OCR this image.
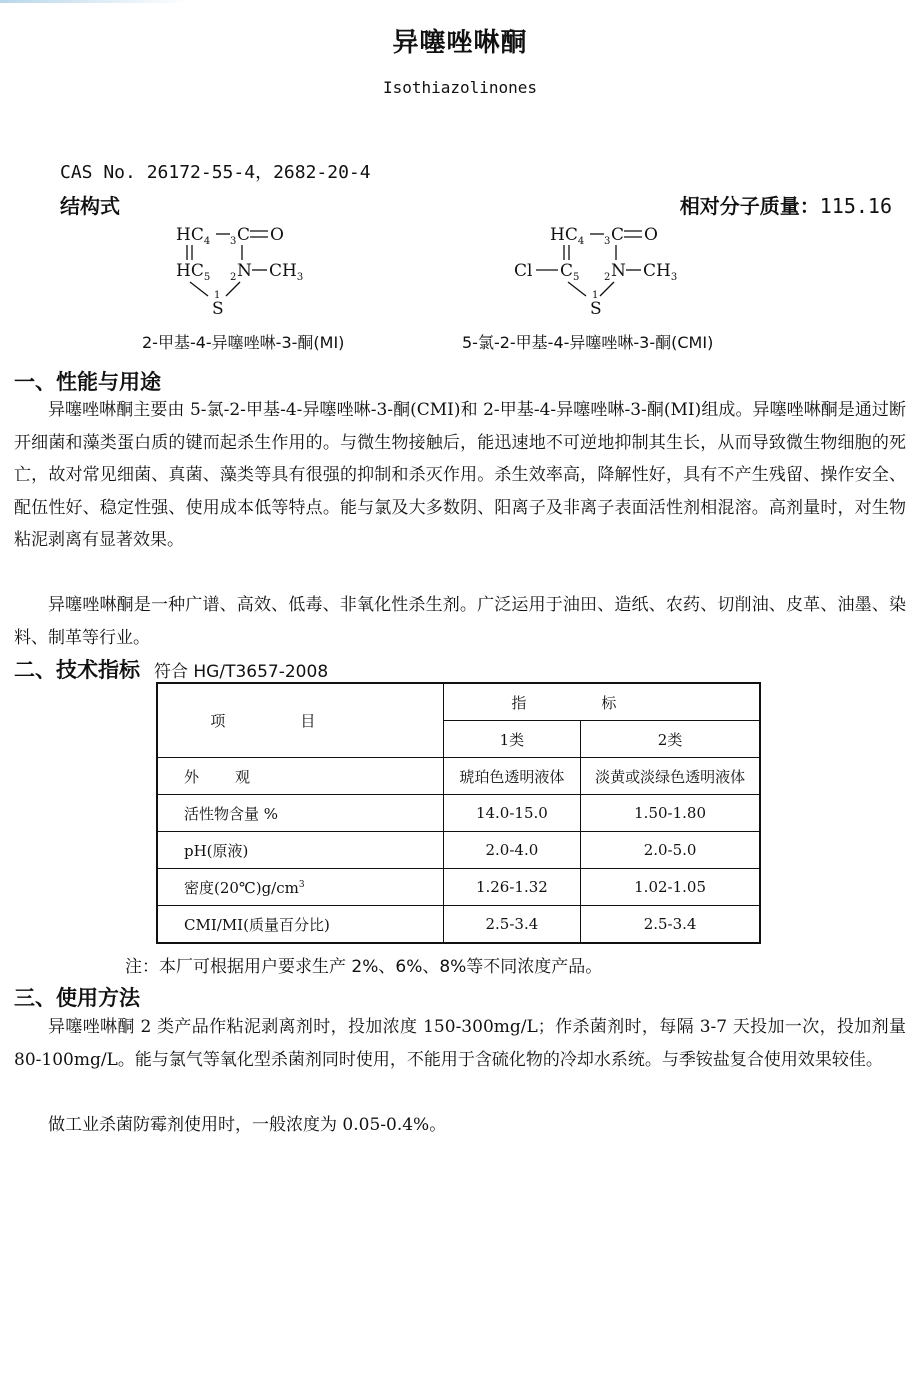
异噻唑啉酮
Isothiazolinones
CAS No. 26172-55-4，2682-20-4
结构式	相对分子质量：115.16
$HC_4$ 3 C O
$HC_5$ 2 N $CH_3$
1
S
$HC_4$ 3 C O
Cl $C_5$ 2 N $CH_3$
1
S
2-甲基-4-异噻唑啉-3-酮(MI)	5-氯-2-甲基-4-异噻唑啉-3-酮(CMI)
一、性能与用途

异噻唑啉酮主要由 5-氯-2-甲基-4-异噻唑啉-3-酮(CMI)和 2-甲基-4-异噻唑啉-3-酮(MI)组成。异噻唑啉酮是通过断开细菌和藻类蛋白质的键而起杀生作用的。与微生物接触后，能迅速地不可逆地抑制其生长，从而导致微生物细胞的死亡，故对常见细菌、真菌、藻类等具有很强的抑制和杀灭作用。杀生效率高，降解性好，具有不产生残留、操作安全、配伍性好、稳定性强、使用成本低等特点。能与氯及大多数阴、阳离子及非离子表面活性剂相混溶。高剂量时，对生物粘泥剥离有显著效果。

异噻唑啉酮是一种广谱、高效、低毒、非氧化性杀生剂。广泛运用于油田、造纸、农药、切削油、皮革、油墨、染料、制革等行业。

二、技术指标 符合 HG/T3657-2008
项目	指标	
	1类	2类
外观	琥珀色透明液体	淡黄或淡绿色透明液体
活性物含量 %	14.0-15.0	1.50-1.80
pH(原液)	2.0-4.0	2.0-5.0
密度$(20℃)g/cm^3$	1.26-1.32	1.02-1.05
CMI/MI(质量百分比)	2.5-3.4	2.5-3.4
注：本厂可根据用户要求生产 2%、6%、8%等不同浓度产品。
三、使用方法

异噻唑啉酮 2 类产品作粘泥剥离剂时，投加浓度 150-300mg/L；作杀菌剂时，每隔 3-7 天投加一次，投加剂量 80-100mg/L。能与氯气等氧化型杀菌剂同时使用，不能用于含硫化物的冷却水系统。与季铵盐复合使用效果较佳。

做工业杀菌防霉剂使用时，一般浓度为 0.05-0.4%。
